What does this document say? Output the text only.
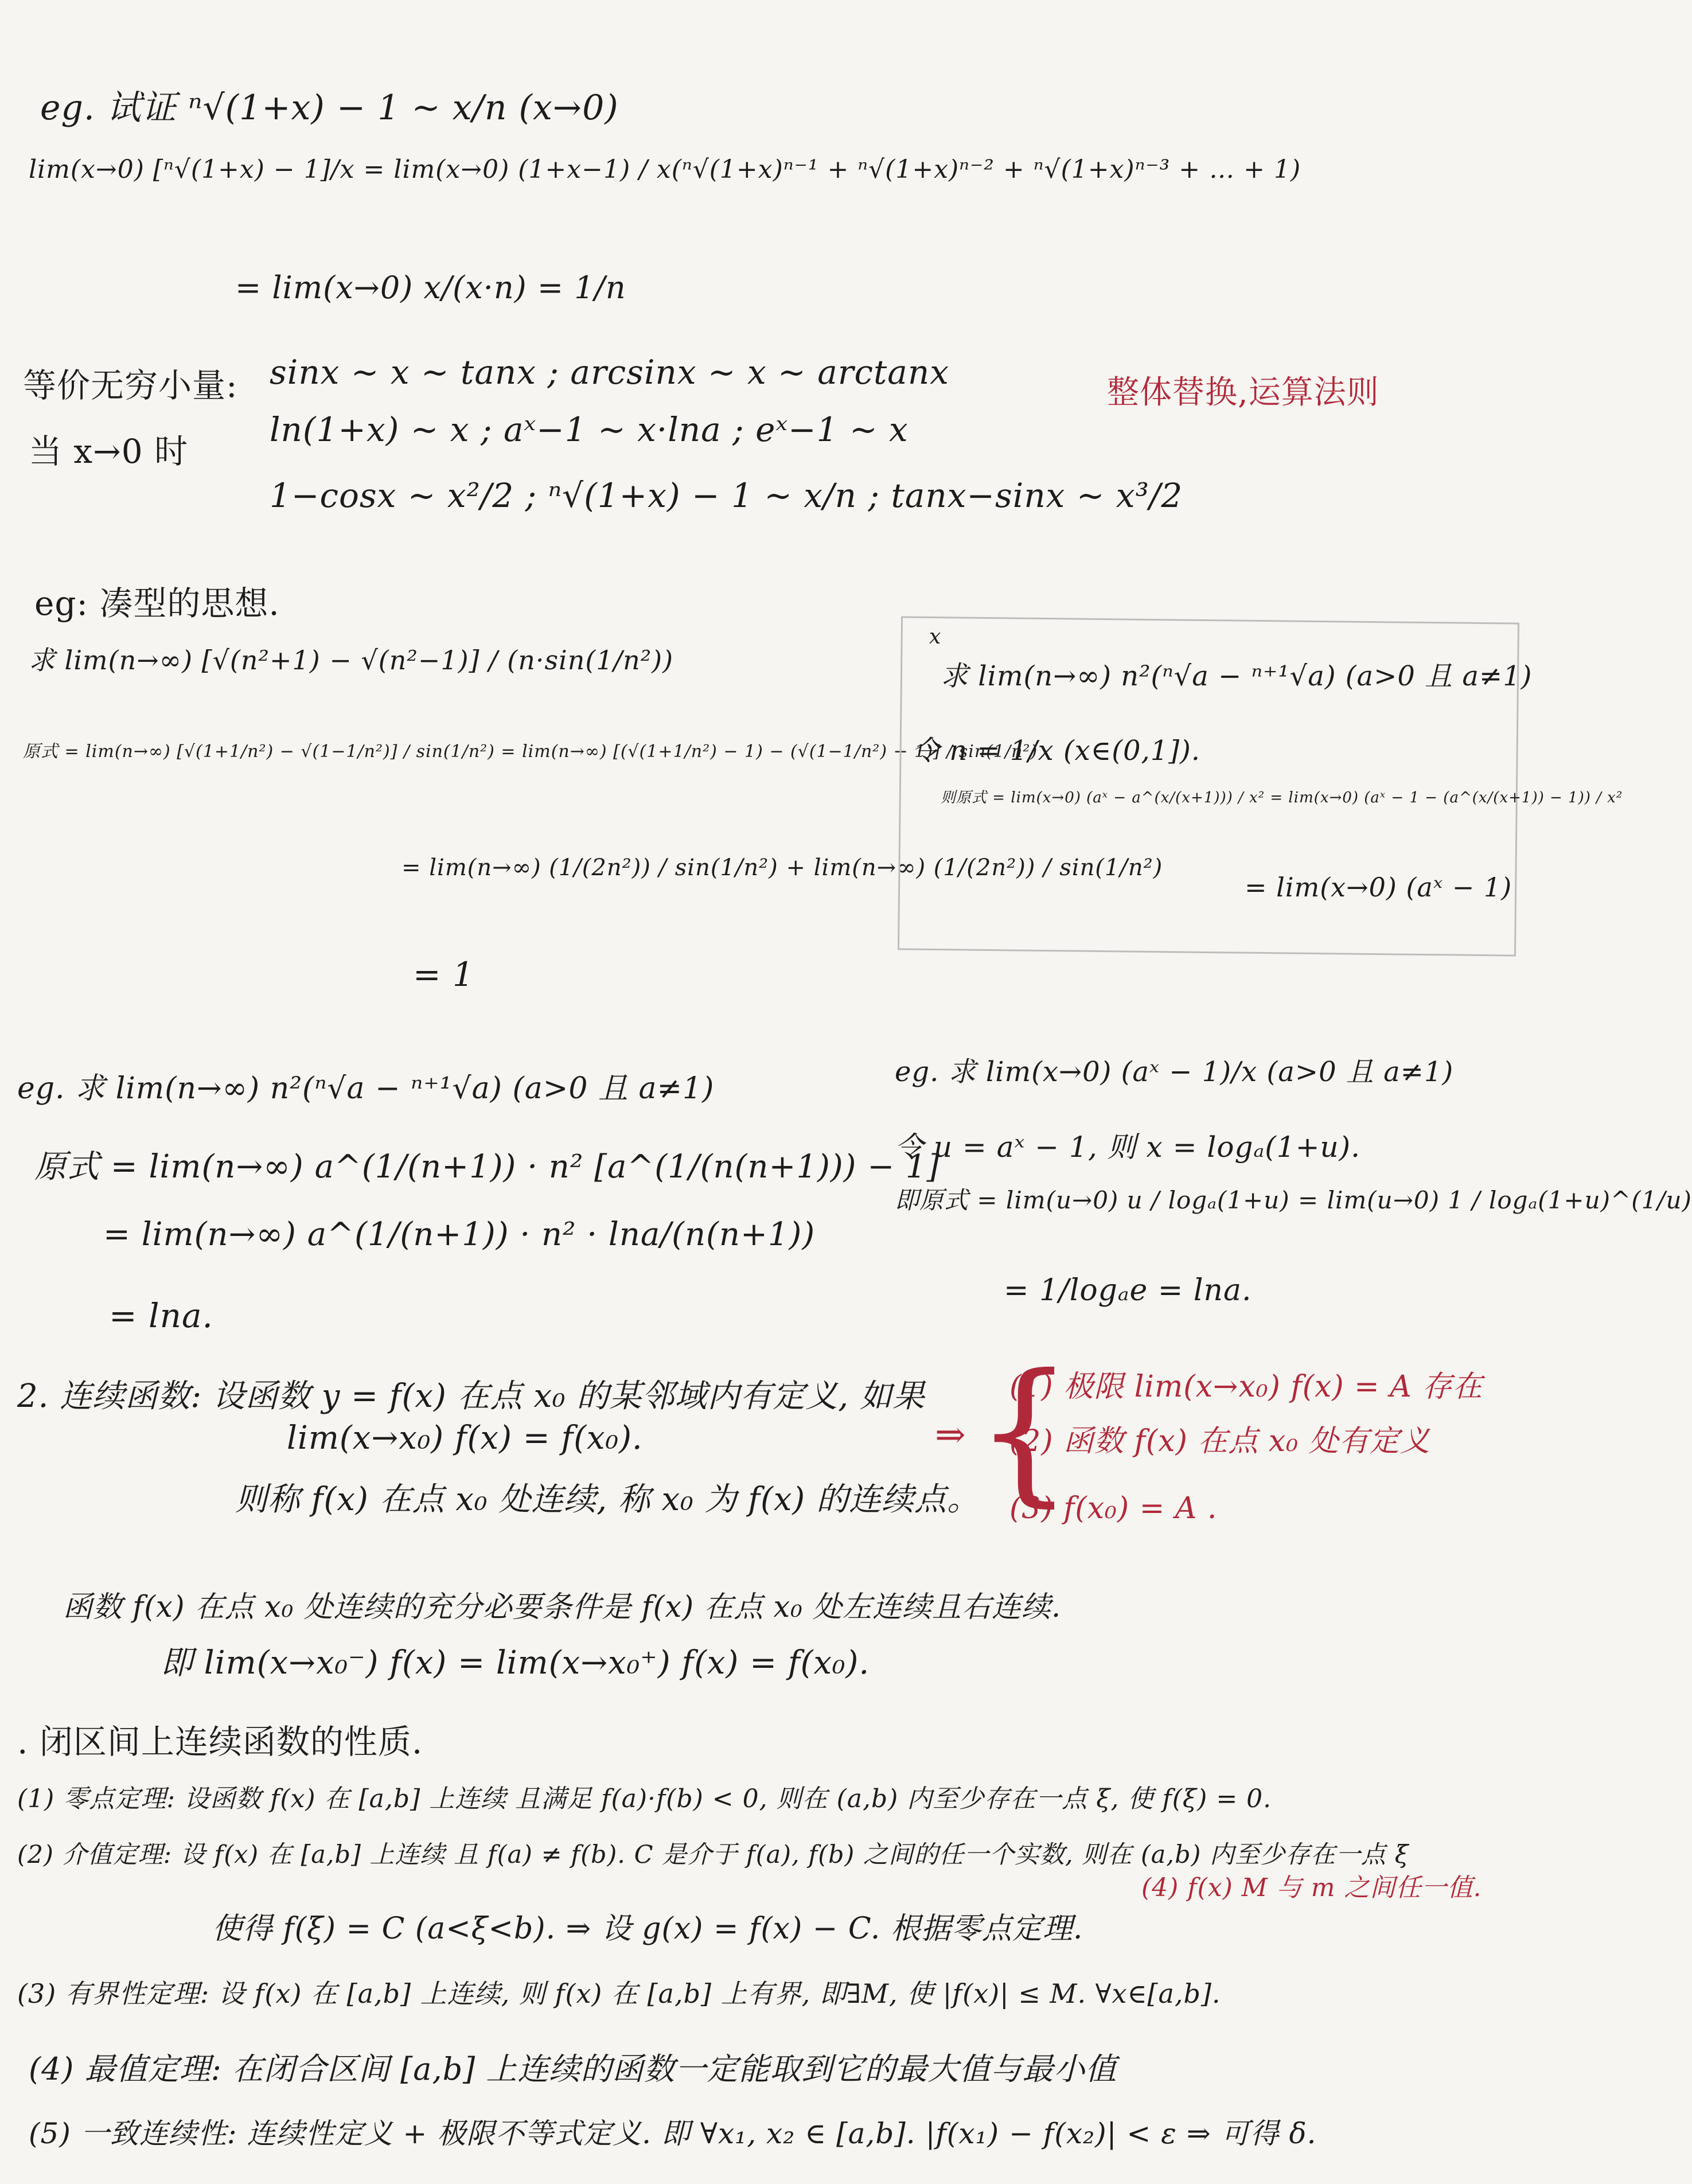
eg. 试证 ⁿ√(1+x) − 1 ~ x/n (x→0)
lim(x→0) [ⁿ√(1+x) − 1]/x = lim(x→0) (1+x−1) / x(ⁿ√(1+x)ⁿ⁻¹ + ⁿ√(1+x)ⁿ⁻² + ⁿ√(1+x)ⁿ⁻³ + … + 1)
= lim(x→0) x/(x·n) = 1/n
等价无穷小量:
当 x→0 时
sinx ~ x ~ tanx ; arcsinx ~ x ~ arctanx
ln(1+x) ~ x ; aˣ−1 ~ x·lna ; eˣ−1 ~ x
1−cosx ~ x²/2 ; ⁿ√(1+x) − 1 ~ x/n ; tanx−sinx ~ x³/2
整体替换,运算法则
eg: 凑型的思想.
求 lim(n→∞) [√(n²+1) − √(n²−1)] / (n·sin(1/n²))
原式 = lim(n→∞) [√(1+1/n²) − √(1−1/n²)] / sin(1/n²) = lim(n→∞) [(√(1+1/n²) − 1) − (√(1−1/n²) − 1)] / sin(1/n²)
= lim(n→∞) (1/(2n²)) / sin(1/n²) + lim(n→∞) (1/(2n²)) / sin(1/n²)
= 1
x
求 lim(n→∞) n²(ⁿ√a − ⁿ⁺¹√a) (a>0 且 a≠1)
令 n = 1/x (x∈(0,1]).
则原式 = lim(x→0) (aˣ − a^(x/(x+1))) / x² = lim(x→0) (aˣ − 1 − (a^(x/(x+1)) − 1)) / x²
= lim(x→0) (aˣ − 1)
eg. 求 lim(n→∞) n²(ⁿ√a − ⁿ⁺¹√a) (a>0 且 a≠1)
原式 = lim(n→∞) a^(1/(n+1)) · n² [a^(1/(n(n+1))) − 1]
= lim(n→∞) a^(1/(n+1)) · n² · lna/(n(n+1))
= lna.
eg. 求 lim(x→0) (aˣ − 1)/x (a>0 且 a≠1)
令 u = aˣ − 1, 则 x = logₐ(1+u).
即原式 = lim(u→0) u / logₐ(1+u) = lim(u→0) 1 / logₐ(1+u)^(1/u)
= 1/logₐe = lna.
2. 连续函数: 设函数 y = f(x) 在点 x₀ 的某邻域内有定义, 如果
lim(x→x₀) f(x) = f(x₀).
则称 f(x) 在点 x₀ 处连续, 称 x₀ 为 f(x) 的连续点。
⇒ {
(1) 极限 lim(x→x₀) f(x) = A 存在
(2) 函数 f(x) 在点 x₀ 处有定义
(3) f(x₀) = A .
函数 f(x) 在点 x₀ 处连续的充分必要条件是 f(x) 在点 x₀ 处左连续且右连续.
即 lim(x→x₀⁻) f(x) = lim(x→x₀⁺) f(x) = f(x₀).
. 闭区间上连续函数的性质.
(1) 零点定理: 设函数 f(x) 在 [a,b] 上连续 且满足 f(a)·f(b) < 0, 则在 (a,b) 内至少存在一点 ξ, 使 f(ξ) = 0.
(2) 介值定理: 设 f(x) 在 [a,b] 上连续 且 f(a) ≠ f(b). C 是介于 f(a), f(b) 之间的任一个实数, 则在 (a,b) 内至少存在一点 ξ
使得 f(ξ) = C (a<ξ<b). ⇒ 设 g(x) = f(x) − C. 根据零点定理.
(4) f(x) M 与 m 之间任一值.
(3) 有界性定理: 设 f(x) 在 [a,b] 上连续, 则 f(x) 在 [a,b] 上有界, 即∃M, 使 |f(x)| ≤ M. ∀x∈[a,b].
(4) 最值定理: 在闭合区间 [a,b] 上连续的函数一定能取到它的最大值与最小值
(5) 一致连续性: 连续性定义 + 极限不等式定义. 即 ∀x₁, x₂ ∈ [a,b]. |f(x₁) − f(x₂)| < ε ⇒ 可得 δ.
